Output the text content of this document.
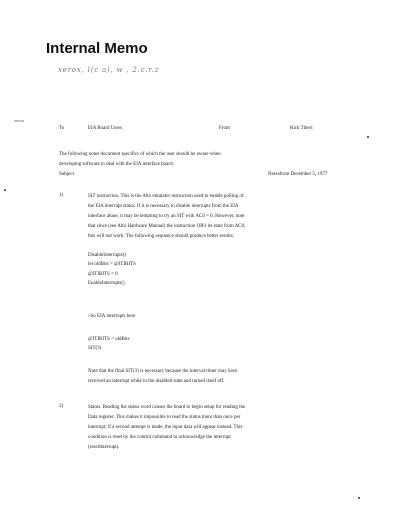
Internal Memo
xerox, l(c a), w , 2.c.r.z
xerox
To	EIA Board Users	From	Rick Tiberi
The following notes document specifics of which the user should be aware when
developing software to deal with the EIA interface board.
Subject	Notesfrom December 5, 1977
1)	SIT instruction. This is the Alto emulator instruction used to enable polling of
the EIA interrupt status. If it is necessary to disable interrupts from the EIA
interface alone, it may be tempting to try an SIT with AC0 = 0. However, note
that since (see Alto Hardware Manual) the instruction OR's its state from AC0,
this will not work. The following sequence should produce better results:
DisableInterrupts()
let oldBits = @ITIBITS
@ITIBITS = 0
EnableInterrupts()
//no EIA interrupts here
@ITIBITS = oldBits
SIT(3)
Note that the final SIT(3) is necessary because the interval timer may have
received an interrupt while in the disabled state and turned itself off.
2)	Status. Reading the status word causes the board to begin setup for reading the
Data register. This makes it impossible to read the status more than once per
interrupt; if a second attempt is made, the input data will appear instead. This
condition is reset by the control command to acknowledge the interrupt
(resetInterrupt).
